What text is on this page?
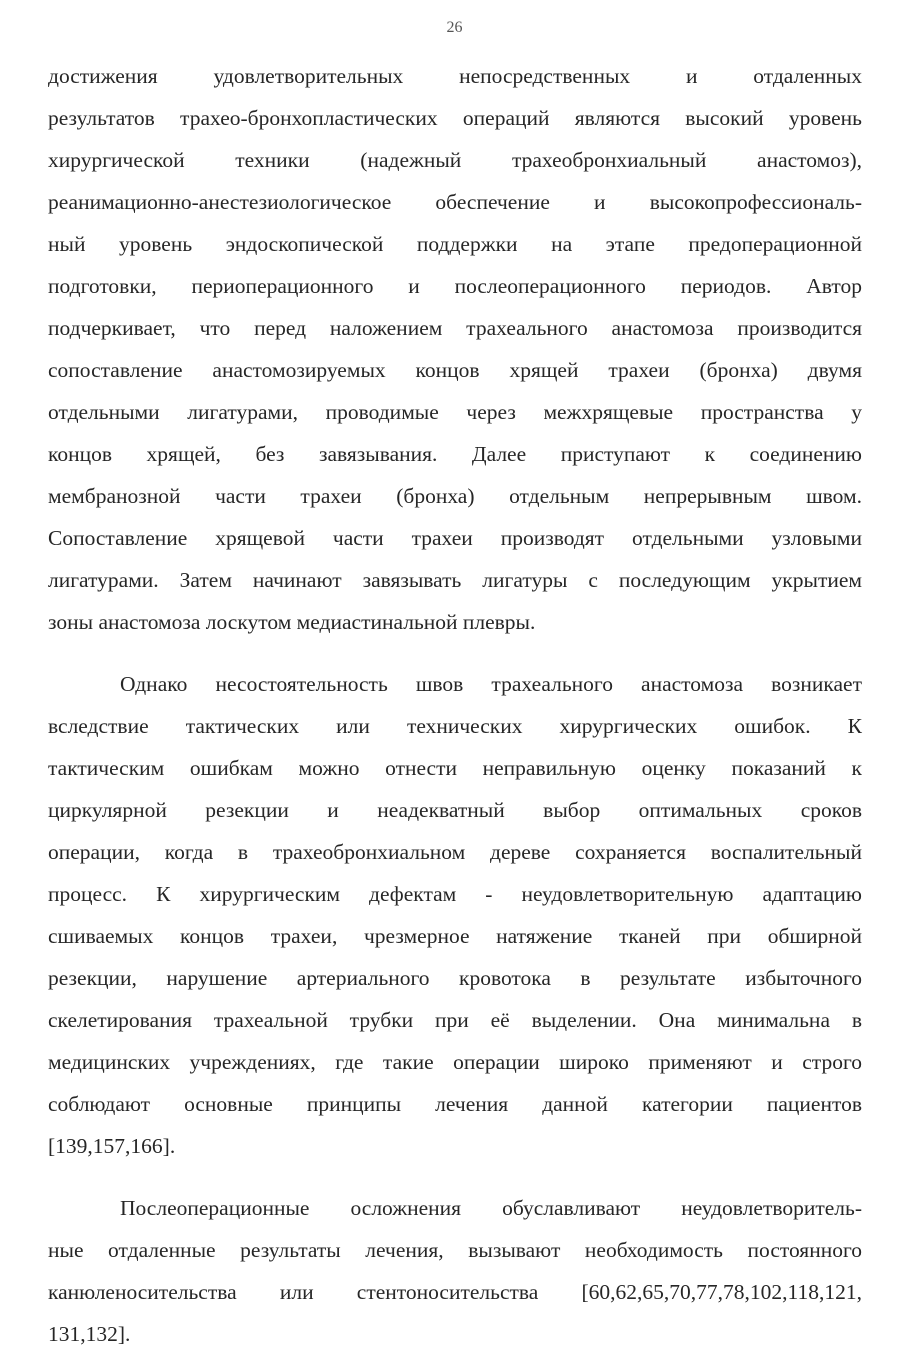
26
достижения удовлетворительных непосредственных и отдаленных
результатов трахео-бронхопластических операций являются высокий уровень
хирургической техники (надежный трахеобронхиальный анастомоз),
реанимационно-анестезиологическое обеспечение и высокопрофессиональ-
ный уровень эндоскопической поддержки на этапе предоперационной
подготовки, периоперационного и послеоперационного периодов. Автор
подчеркивает, что перед наложением трахеального анастомоза производится
сопоставление анастомозируемых концов хрящей трахеи (бронха) двумя
отдельными лигатурами, проводимые через межхрящевые пространства у
концов хрящей, без завязывания. Далее приступают к соединению
мембранозной части трахеи (бронха) отдельным непрерывным швом.
Сопоставление хрящевой части трахеи производят отдельными узловыми
лигатурами. Затем начинают завязывать лигатуры с последующим укрытием
зоны анастомоза лоскутом медиастинальной плевры.
Однако несостоятельность швов трахеального анастомоза возникает
вследствие тактических или технических хирургических ошибок. К
тактическим ошибкам можно отнести неправильную оценку показаний к
циркулярной резекции и неадекватный выбор оптимальных сроков
операции, когда в трахеобронхиальном дереве сохраняется воспалительный
процесс. К хирургическим дефектам - неудовлетворительную адаптацию
сшиваемых концов трахеи, чрезмерное натяжение тканей при обширной
резекции, нарушение артериального кровотока в результате избыточного
скелетирования трахеальной трубки при её выделении. Она минимальна в
медицинских учреждениях, где такие операции широко применяют и строго
соблюдают основные принципы лечения данной категории пациентов
[139,157,166].
Послеоперационные осложнения обуславливают неудовлетворитель-
ные отдаленные результаты лечения, вызывают необходимость постоянного
канюленосительства или стентоносительства [60,62,65,70,77,78,102,118,121,
131,132].
